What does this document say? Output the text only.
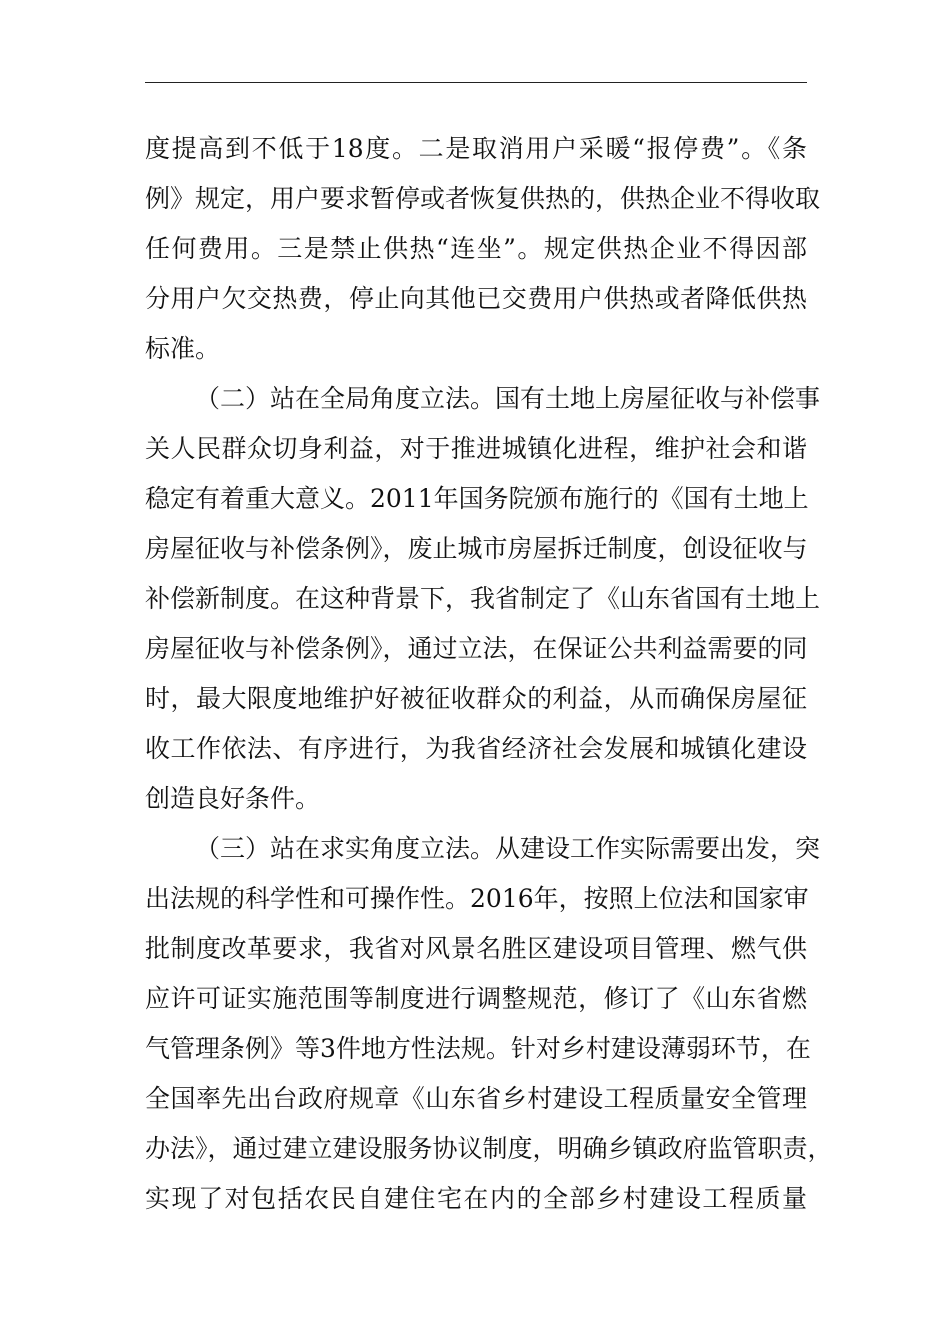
度提高到不低于18度。二是取消用户采暖“报停费”。《条
例》规定，用户要求暂停或者恢复供热的，供热企业不得收取
任何费用。三是禁止供热“连坐”。规定供热企业不得因部
分用户欠交热费，停止向其他已交费用户供热或者降低供热
标准。
（二）站在全局角度立法。国有土地上房屋征收与补偿事
关人民群众切身利益，对于推进城镇化进程，维护社会和谐
稳定有着重大意义。2011年国务院颁布施行的《国有土地上
房屋征收与补偿条例》，废止城市房屋拆迁制度，创设征收与
补偿新制度。在这种背景下，我省制定了《山东省国有土地上
房屋征收与补偿条例》，通过立法，在保证公共利益需要的同
时，最大限度地维护好被征收群众的利益，从而确保房屋征
收工作依法、有序进行，为我省经济社会发展和城镇化建设
创造良好条件。
（三）站在求实角度立法。从建设工作实际需要出发，突
出法规的科学性和可操作性。2016年，按照上位法和国家审
批制度改革要求，我省对风景名胜区建设项目管理、燃气供
应许可证实施范围等制度进行调整规范，修订了《山东省燃
气管理条例》等3件地方性法规。针对乡村建设薄弱环节，在
全国率先出台政府规章《山东省乡村建设工程质量安全管理
办法》，通过建立建设服务协议制度，明确乡镇政府监管职责，
实现了对包括农民自建住宅在内的全部乡村建设工程质量
